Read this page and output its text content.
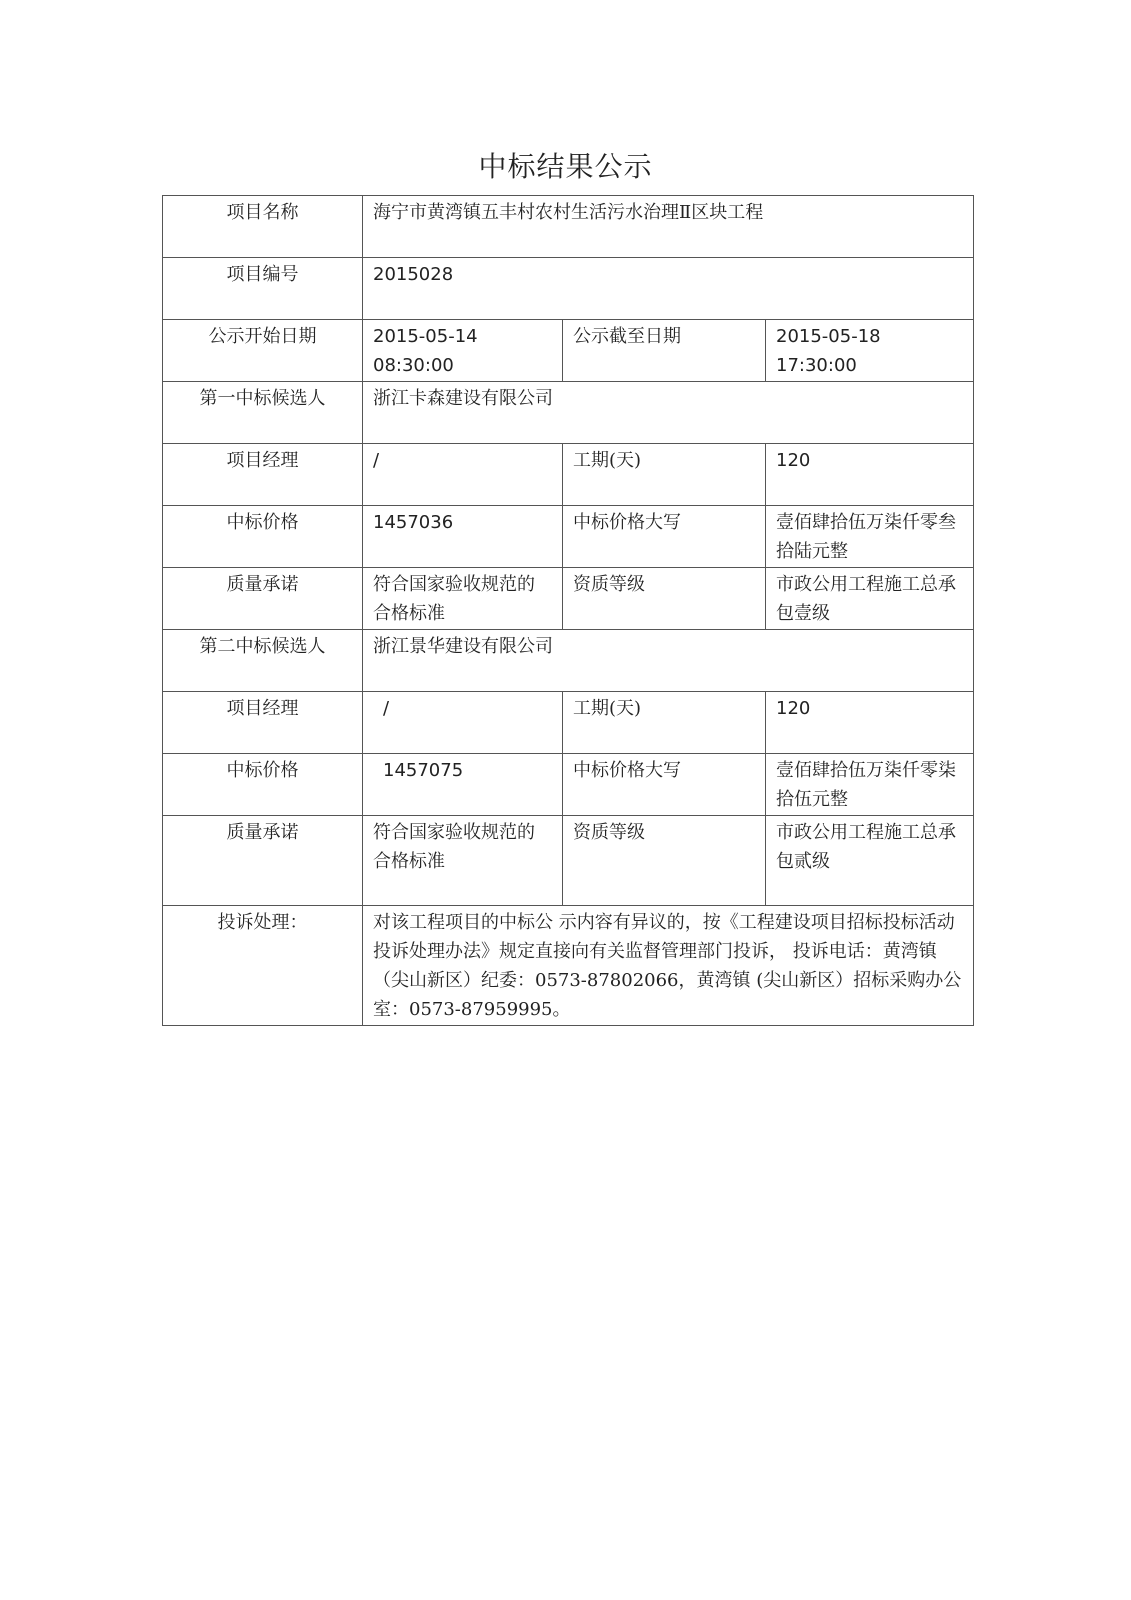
中标结果公示
项目名称	海宁市黄湾镇五丰村农村生活污水治理Ⅱ区块工程		
项目编号	2015028		
公示开始日期	2015-05-14 08:30:00	公示截至日期	2015-05-18 17:30:00
第一中标候选人	浙江卡森建设有限公司		
项目经理	/	工期(天)	120
中标价格	1457036	中标价格大写	壹佰肆拾伍万柒仟零叁拾陆元整
质量承诺	符合国家验收规范的合格标准	资质等级	市政公用工程施工总承包壹级
第二中标候选人	浙江景华建设有限公司		
项目经理	/	工期(天)	120
中标价格	1457075	中标价格大写	壹佰肆拾伍万柒仟零柒拾伍元整
质量承诺	符合国家验收规范的合格标准	资质等级	市政公用工程施工总承包贰级
投诉处理：	对该工程项目的中标公 示内容有异议的，按《工程建设项目招标投标活动投诉处理办法》规定直接向有关监督管理部门投诉， 投诉电话：黄湾镇（尖山新区）纪委：0573-87802066，黄湾镇 (尖山新区）招标采购办公室：0573-87959995。		
